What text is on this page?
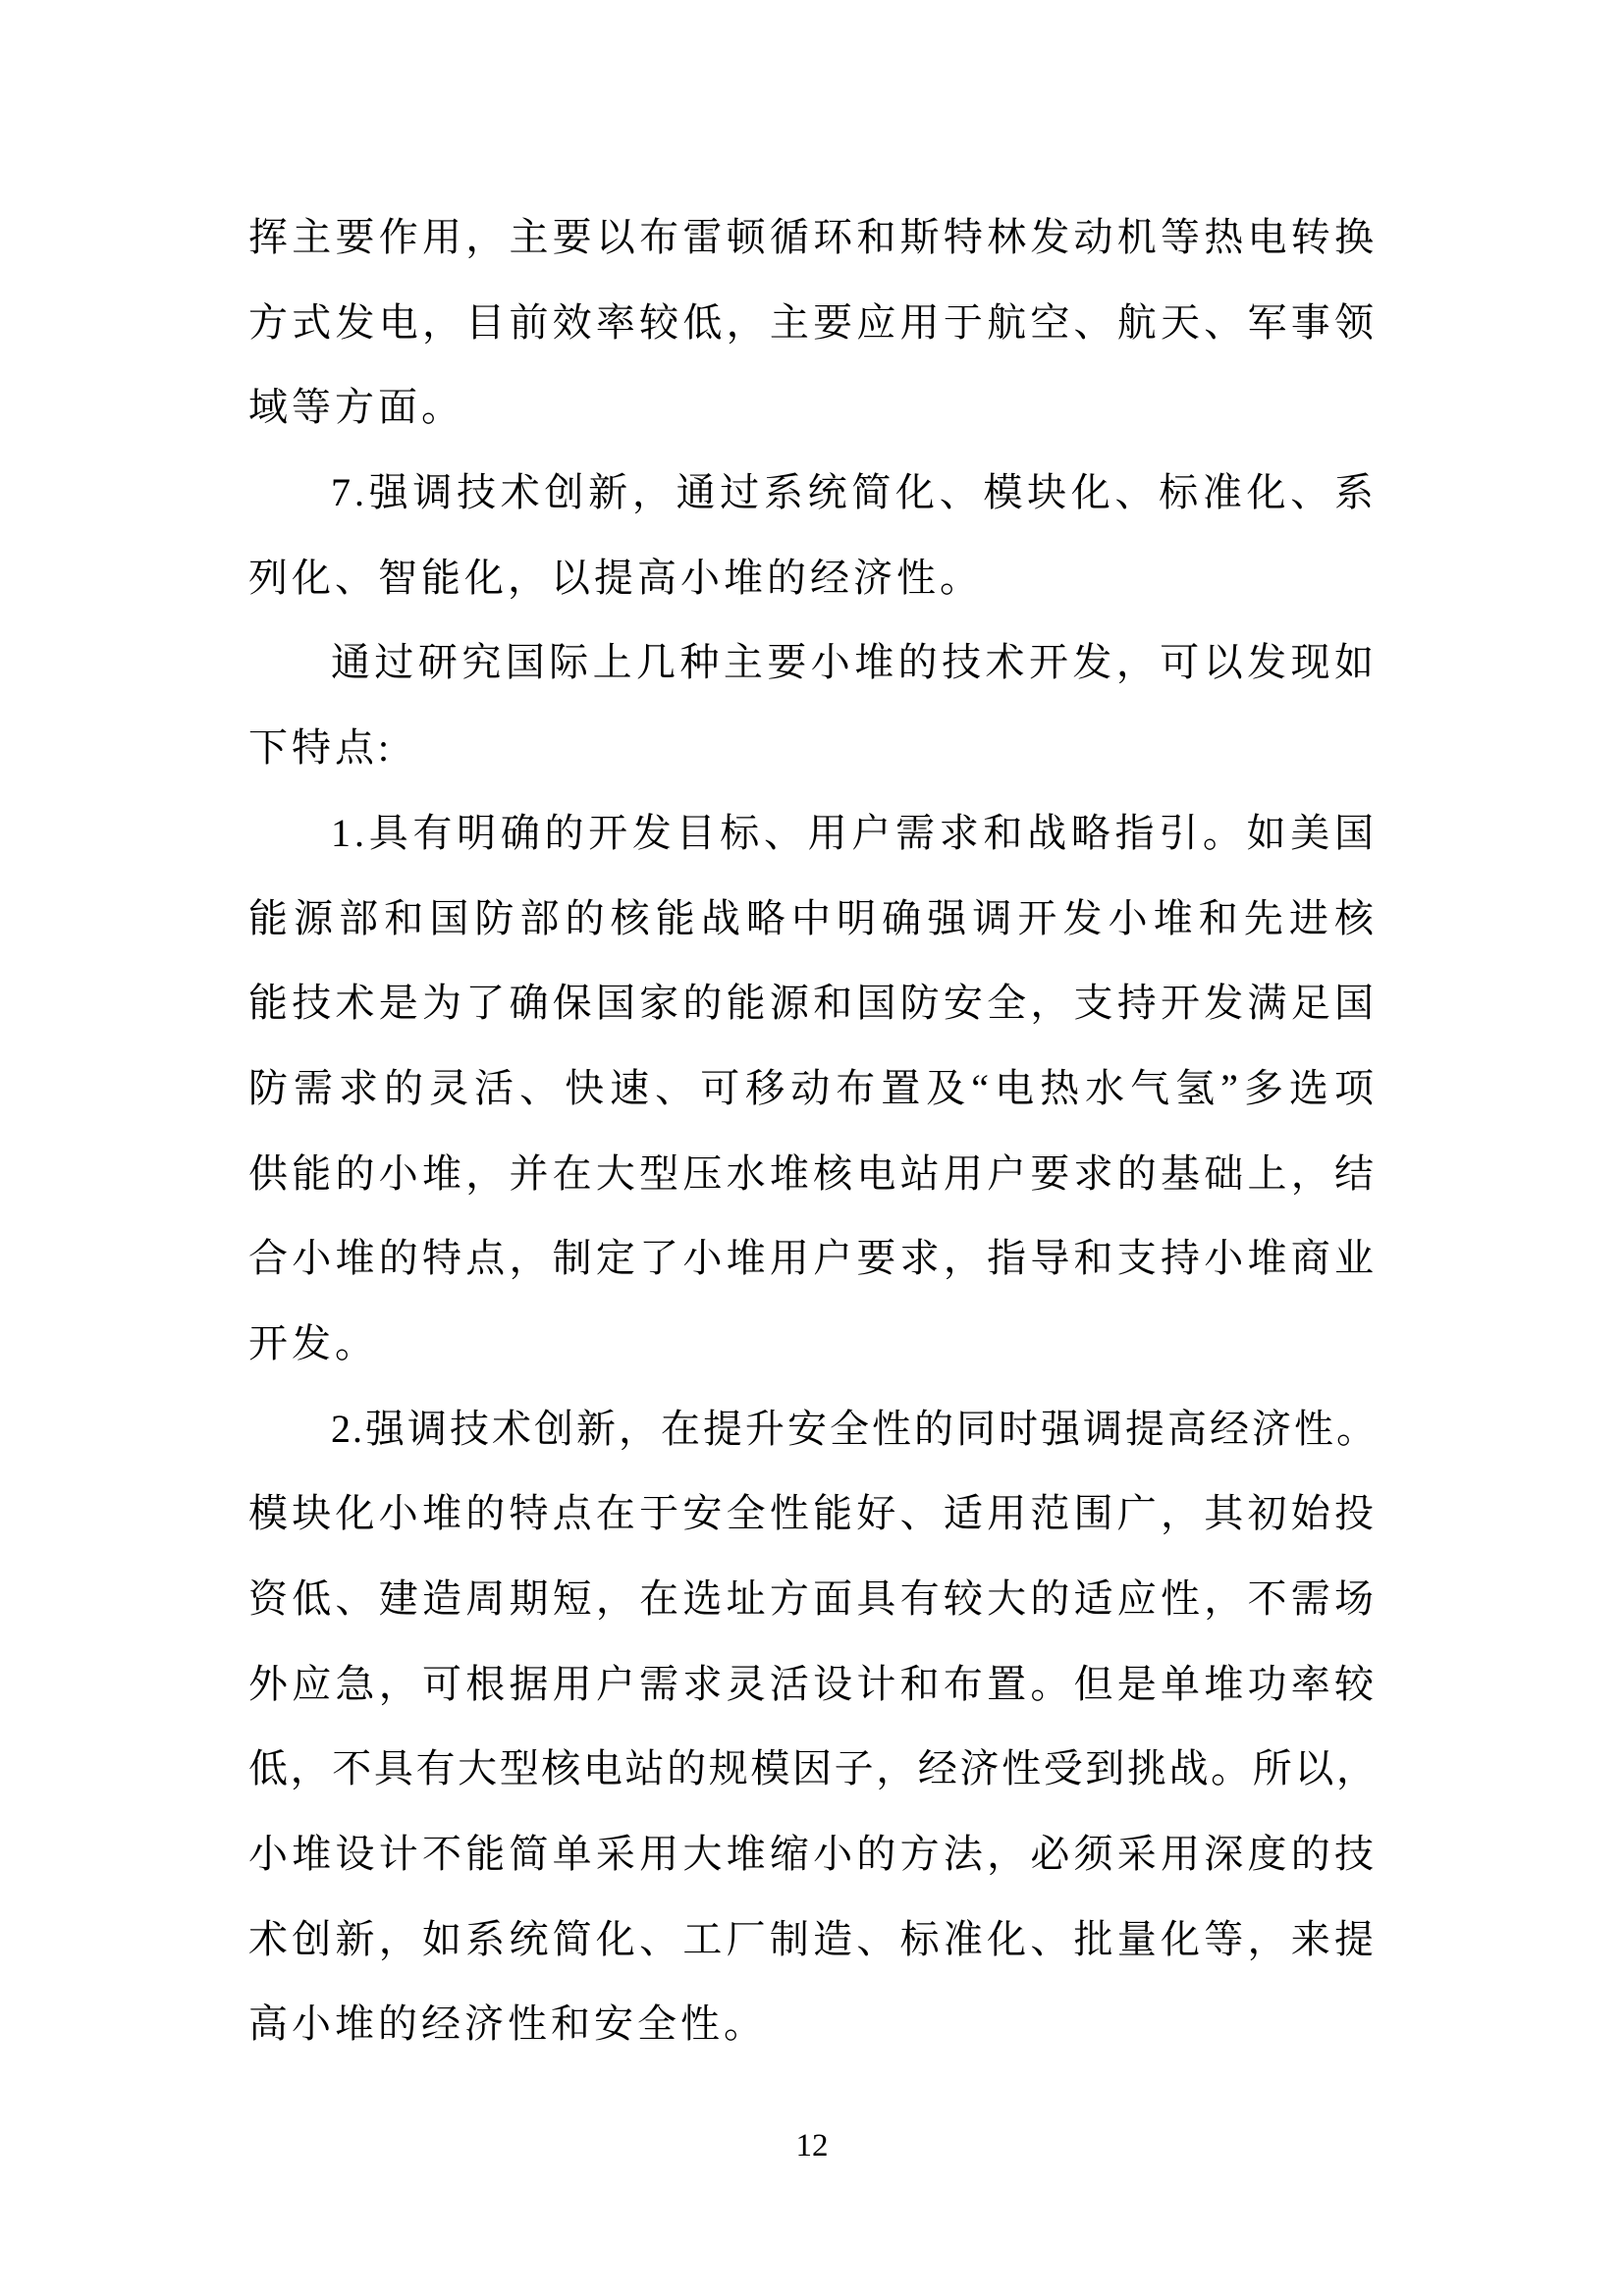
挥主要作用，主要以布雷顿循环和斯特林发动机等热电转换
方式发电，目前效率较低，主要应用于航空、航天、军事领
域等方面。
7.强调技术创新，通过系统简化、模块化、标准化、系
列化、智能化，以提高小堆的经济性。
通过研究国际上几种主要小堆的技术开发，可以发现如
下特点:
1.具有明确的开发目标、用户需求和战略指引。如美国
能源部和国防部的核能战略中明确强调开发小堆和先进核
能技术是为了确保国家的能源和国防安全，支持开发满足国
防需求的灵活、快速、可移动布置及“电热水气氢”多选项
供能的小堆，并在大型压水堆核电站用户要求的基础上，结
合小堆的特点，制定了小堆用户要求，指导和支持小堆商业
开发。
2.强调技术创新，在提升安全性的同时强调提高经济性。
模块化小堆的特点在于安全性能好、适用范围广，其初始投
资低、建造周期短，在选址方面具有较大的适应性，不需场
外应急，可根据用户需求灵活设计和布置。但是单堆功率较
低，不具有大型核电站的规模因子，经济性受到挑战。所以，
小堆设计不能简单采用大堆缩小的方法，必须采用深度的技
术创新，如系统简化、工厂制造、标准化、批量化等，来提
高小堆的经济性和安全性。
12
